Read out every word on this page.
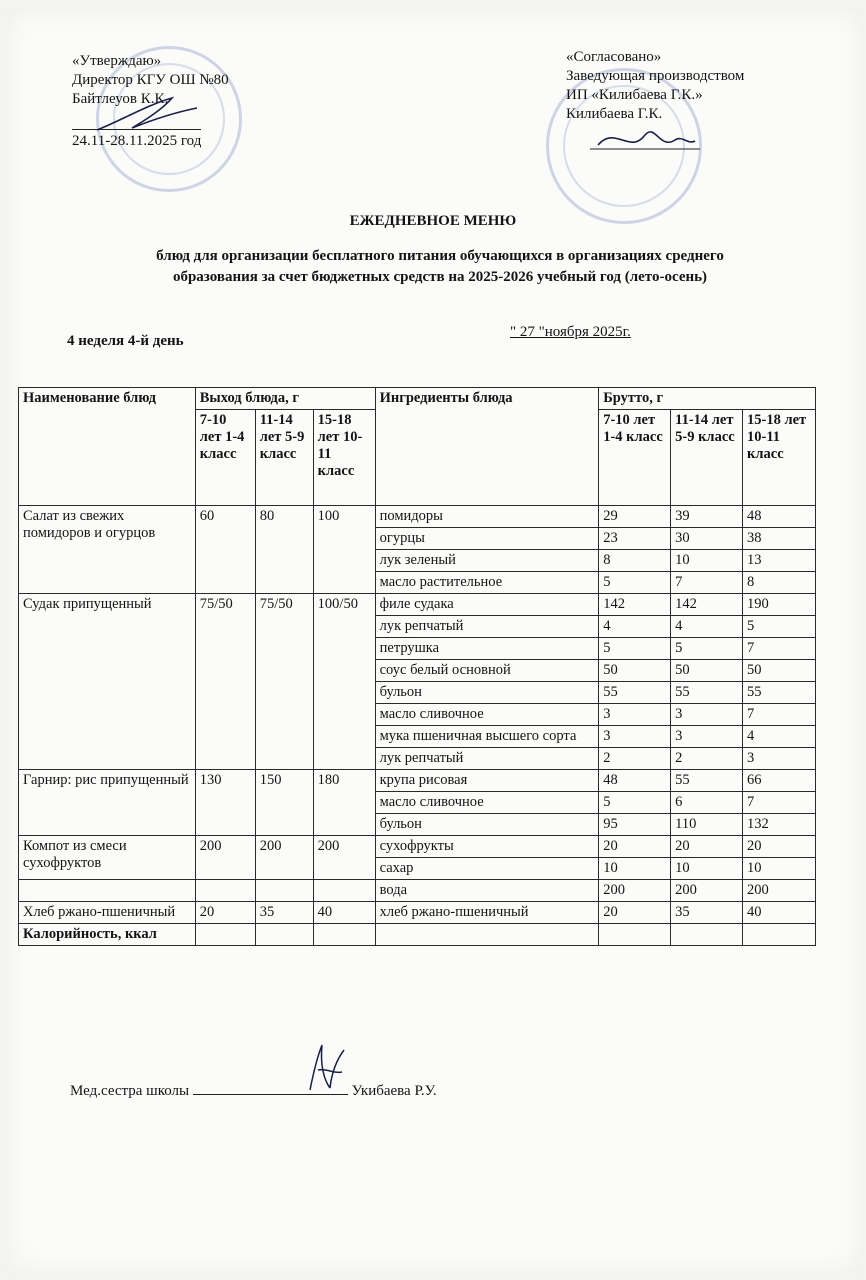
«Утверждаю»
Директор КГУ ОШ №80
Байтлеуов К.К.
24.11-28.11.2025 год
«Согласовано»
Заведующая производством
ИП «Килибаева Г.К.»
Килибаева Г.К.
ЕЖЕДНЕВНОЕ МЕНЮ
блюд для организации бесплатного питания обучающихся в организациях среднего
образования за счет бюджетных средств на 2025-2026 учебный год (лето-осень)
4 неделя 4-й день
" 27 "ноября 2025г.
Наименование блюд	Выход блюда, г			Ингредиенты блюда	Брутто, г		
	7-10 лет 1-4 класс	11-14 лет 5-9 класс	15-18 лет 10-11 класс		7-10 лет 1-4 класс	11-14 лет 5-9 класс	15-18 лет 10-11 класс
Салат из свежих помидоров и огурцов	60	80	100	помидоры	29	39	48
				огурцы	23	30	38
				лук зеленый	8	10	13
				масло растительное	5	7	8
Судак припущенный	75/50	75/50	100/50	филе судака	142	142	190
				лук репчатый	4	4	5
				петрушка	5	5	7
				соус белый основной	50	50	50
				бульон	55	55	55
				масло сливочное	3	3	7
				мука пшеничная высшего сорта	3	3	4
				лук репчатый	2	2	3
Гарнир: рис припущенный	130	150	180	крупа рисовая	48	55	66
				масло сливочное	5	6	7
				бульон	95	110	132
Компот из смеси сухофруктов	200	200	200	сухофрукты	20	20	20
				сахар	10	10	10
				вода	200	200	200
Хлеб ржано-пшеничный	20	35	40	хлеб ржано-пшеничный	20	35	40
Калорийность, ккал							
Мед.сестра школы	Укибаева Р.У.
